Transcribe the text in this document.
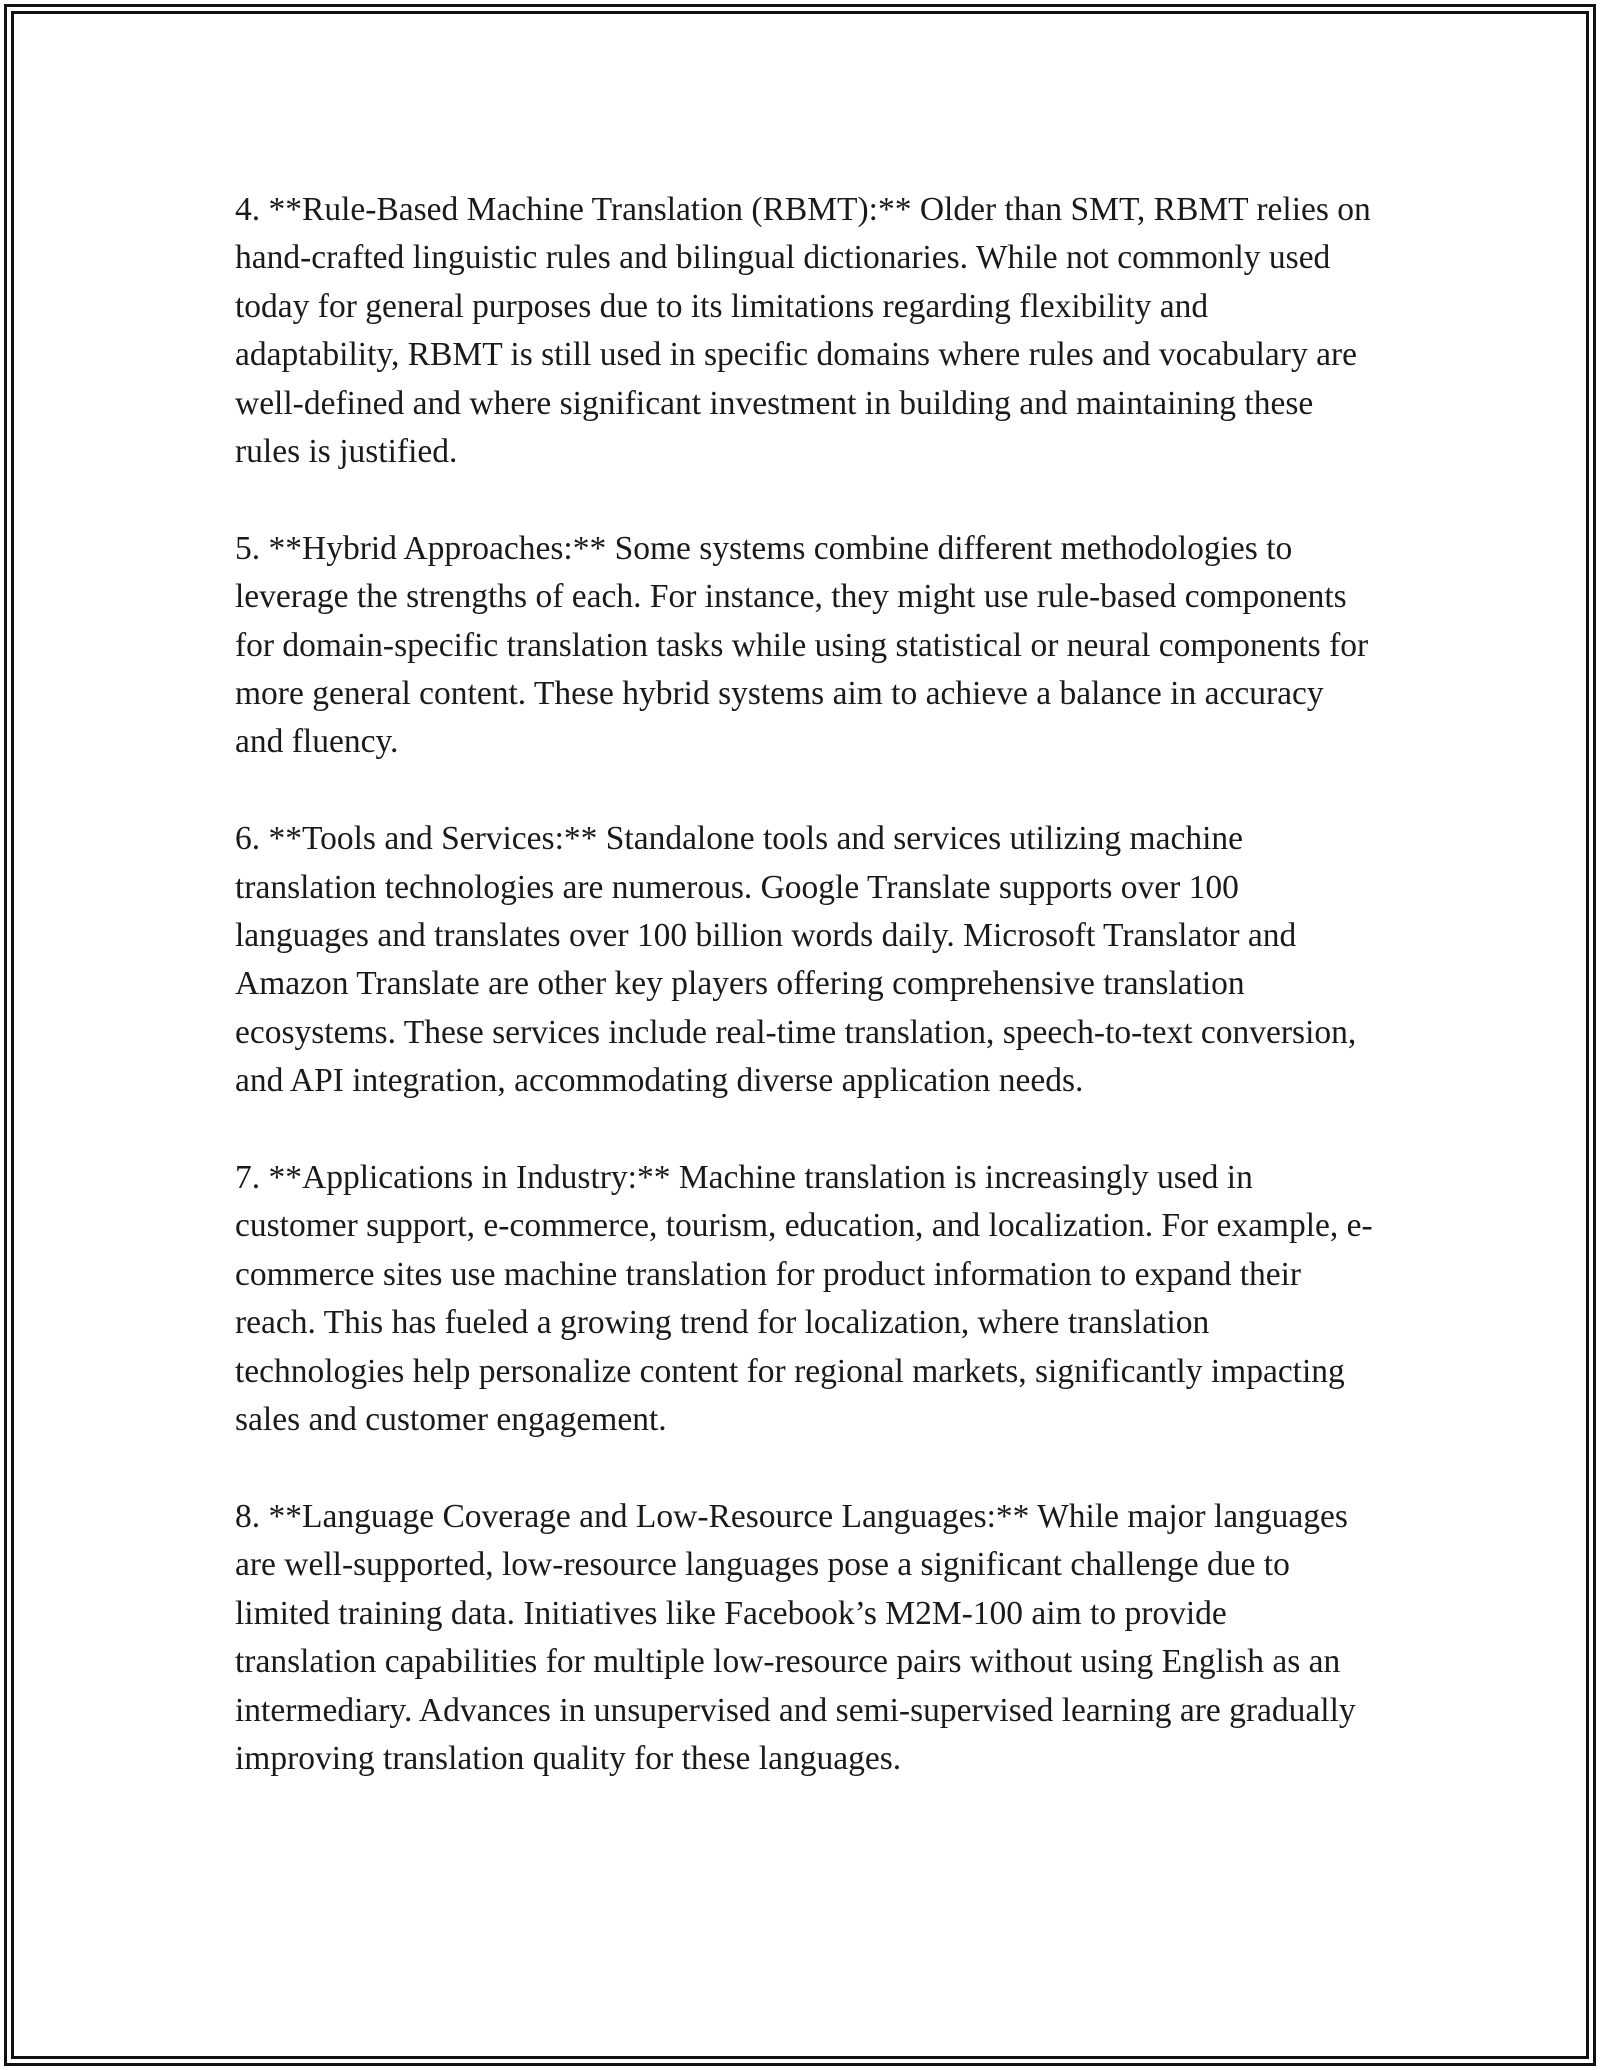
4. **Rule-Based Machine Translation (RBMT):** Older than SMT, RBMT relies on hand-crafted linguistic rules and bilingual dictionaries. While not commonly used today for general purposes due to its limitations regarding flexibility and adaptability, RBMT is still used in specific domains where rules and vocabulary are well-defined and where significant investment in building and maintaining these rules is justified.

5. **Hybrid Approaches:** Some systems combine different methodologies to leverage the strengths of each. For instance, they might use rule-based components for domain-specific translation tasks while using statistical or neural components for more general content. These hybrid systems aim to achieve a balance in accuracy and fluency.

6. **Tools and Services:** Standalone tools and services utilizing machine translation technologies are numerous. Google Translate supports over 100 languages and translates over 100 billion words daily. Microsoft Translator and Amazon Translate are other key players offering comprehensive translation ecosystems. These services include real-time translation, speech-to-text conversion, and API integration, accommodating diverse application needs.

7. **Applications in Industry:** Machine translation is increasingly used in customer support, e-commerce, tourism, education, and localization. For example, e-commerce sites use machine translation for product information to expand their reach. This has fueled a growing trend for localization, where translation technologies help personalize content for regional markets, significantly impacting sales and customer engagement.

8. **Language Coverage and Low-Resource Languages:** While major languages are well-supported, low-resource languages pose a significant challenge due to limited training data. Initiatives like Facebook’s M2M-100 aim to provide translation capabilities for multiple low-resource pairs without using English as an intermediary. Advances in unsupervised and semi-supervised learning are gradually improving translation quality for these languages.
